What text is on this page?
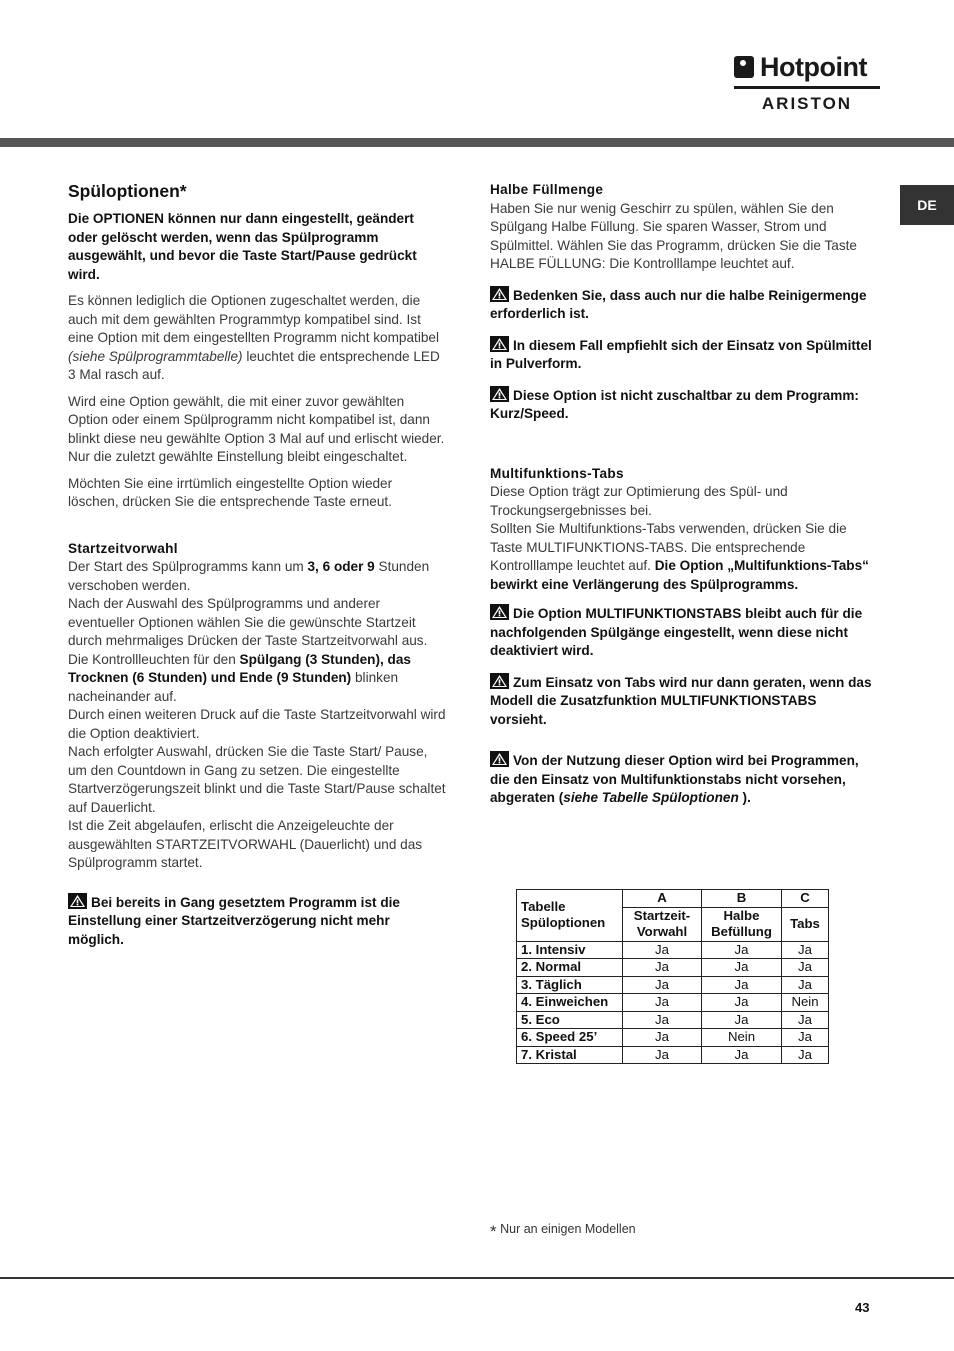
Hotpoint
ARISTON
DE
Spüloptionen*

Die OPTIONEN können nur dann eingestellt, geändert oder gelöscht werden, wenn das Spülprogramm ausgewählt, und bevor die Taste Start/Pause gedrückt wird.

Es können lediglich die Optionen zugeschaltet werden, die auch mit dem gewählten Programmtyp kompatibel sind. Ist eine Option mit dem eingestellten Programm nicht kompatibel (siehe Spülprogrammtabelle) leuchtet die entsprechende LED 3 Mal rasch auf.

Wird eine Option gewählt, die mit einer zuvor gewählten Option oder einem Spülprogramm nicht kompatibel ist, dann blinkt diese neu gewählte Option 3 Mal auf und erlischt wieder. Nur die zuletzt gewählte Einstellung bleibt eingeschaltet.

Möchten Sie eine irrtümlich eingestellte Option wieder löschen, drücken Sie die entsprechende Taste erneut.

Startzeitvorwahl
Der Start des Spülprogramms kann um 3, 6 oder 9 Stunden verschoben werden.
Nach der Auswahl des Spülprogramms und anderer eventueller Optionen wählen Sie die gewünschte Startzeit durch mehrmaliges Drücken der Taste Startzeitvorwahl aus. Die Kontrollleuchten für den Spülgang (3 Stunden), das Trocknen (6 Stunden) und Ende (9 Stunden) blinken nacheinander auf.
Durch einen weiteren Druck auf die Taste Startzeitvorwahl wird die Option deaktiviert.
Nach erfolgter Auswahl, drücken Sie die Taste Start/ Pause, um den Countdown in Gang zu setzen. Die eingestellte Startverzögerungszeit blinkt und die Taste Start/Pause schaltet auf Dauerlicht.
Ist die Zeit abgelaufen, erlischt die Anzeigeleuchte der ausgewählten STARTZEITVORWAHL (Dauerlicht) und das Spülprogramm startet.

Bei bereits in Gang gesetztem Programm ist die Einstellung einer Startzeitverzögerung nicht mehr möglich.

Halbe Füllmenge

Haben Sie nur wenig Geschirr zu spülen, wählen Sie den Spülgang Halbe Füllung. Sie sparen Wasser, Strom und Spülmittel. Wählen Sie das Programm, drücken Sie die Taste HALBE FÜLLUNG: Die Kontrolllampe leuchtet auf.

Bedenken Sie, dass auch nur die halbe Reinigermenge erforderlich ist.

In diesem Fall empfiehlt sich der Einsatz von Spülmittel in Pulverform.

Diese Option ist nicht zuschaltbar zu dem Programm: Kurz/Speed.

Multifunktions-Tabs
Diese Option trägt zur Optimierung des Spül- und Trockungsergebnisses bei.
Sollten Sie Multifunktions-Tabs verwenden, drücken Sie die Taste MULTIFUNKTIONS-TABS. Die entsprechende Kontrolllampe leuchtet auf. Die Option „Multifunktions-Tabs“ bewirkt eine Verlängerung des Spülprogramms.

Die Option MULTIFUNKTIONSTABS bleibt auch für die nachfolgenden Spülgänge eingestellt, wenn diese nicht deaktiviert wird.

Zum Einsatz von Tabs wird nur dann geraten, wenn das Modell die Zusatzfunktion MULTIFUNKTIONSTABS vorsieht.

Von der Nutzung dieser Option wird bei Programmen, die den Einsatz von Multifunktionstabs nicht vorsehen, abgeraten (siehe Tabelle Spüloptionen ).

Tabelle Spüloptionen	A	B	C
	Startzeit-Vorwahl	Halbe Befüllung	Tabs
1. Intensiv	Ja	Ja	Ja
2. Normal	Ja	Ja	Ja
3. Täglich	Ja	Ja	Ja
4. Einweichen	Ja	Ja	Nein
5. Eco	Ja	Ja	Ja
6. Speed 25’	Ja	Nein	Ja
7. Kristal	Ja	Ja	Ja
* Nur an einigen Modellen
43
